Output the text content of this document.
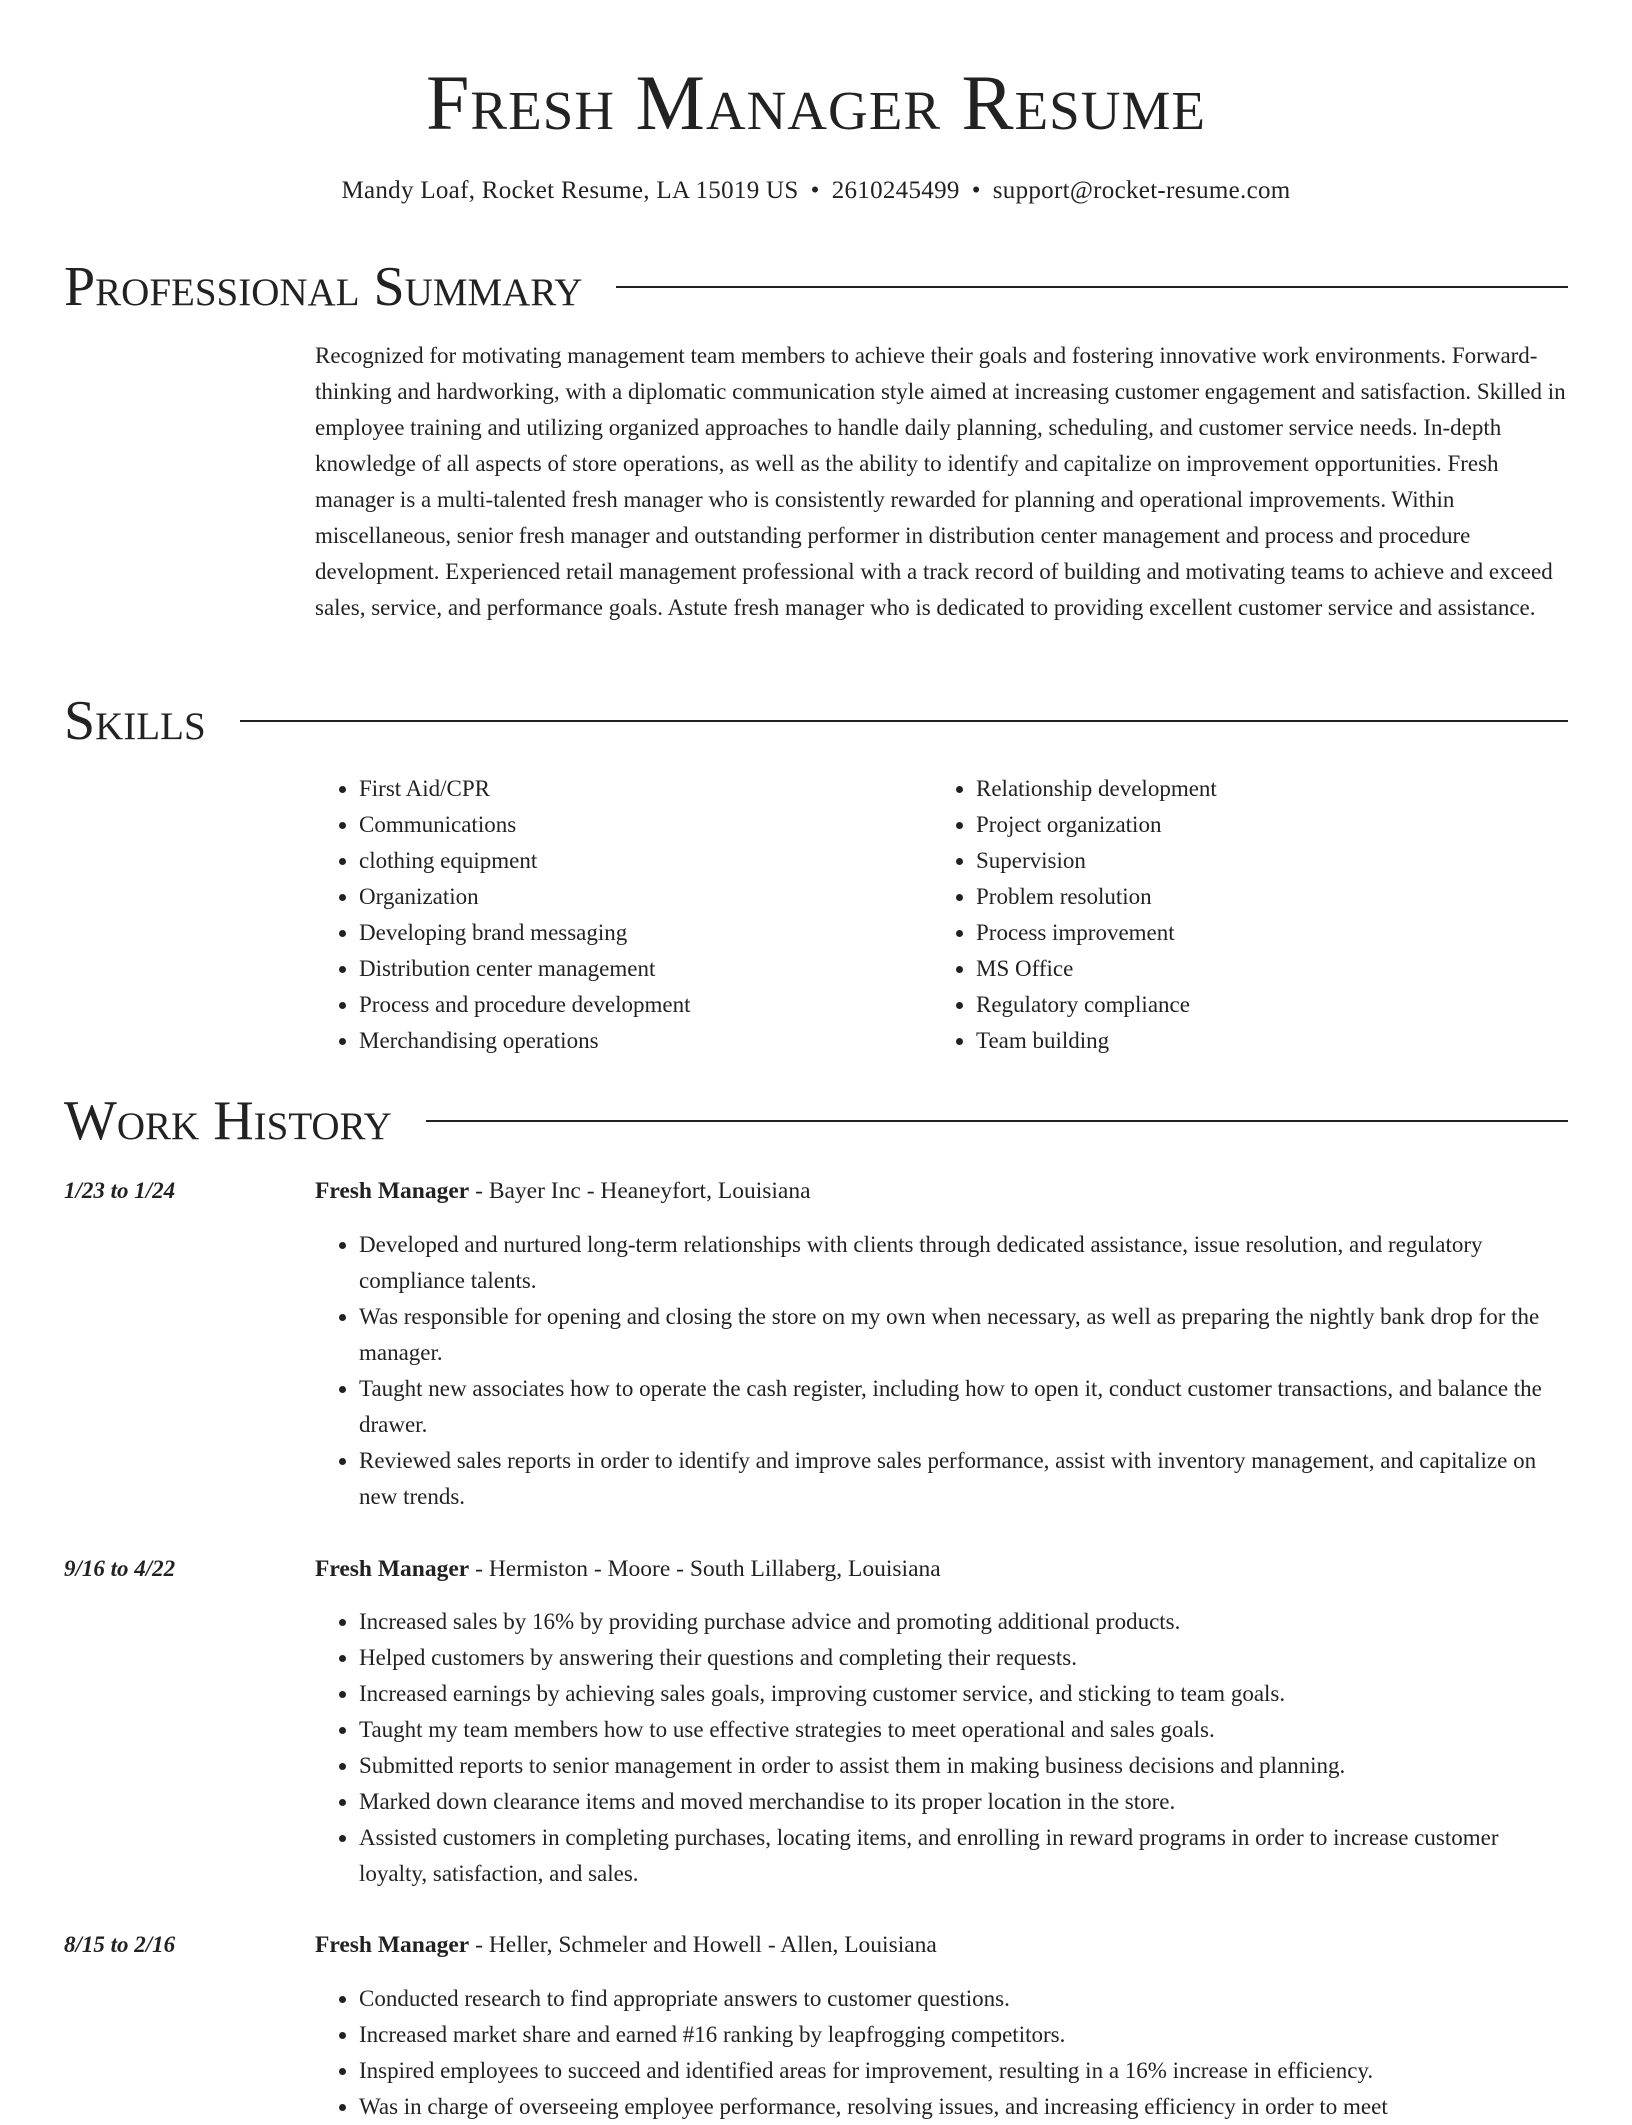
Fresh Manager Resume
Mandy Loaf, Rocket Resume, LA 15019 US • 2610245499 • support@rocket-resume.com
Professional Summary

Recognized for motivating management team members to achieve their goals and fostering innovative work environments. Forward-thinking and hardworking, with a diplomatic communication style aimed at increasing customer engagement and satisfaction. Skilled in employee training and utilizing organized approaches to handle daily planning, scheduling, and customer service needs. In-depth knowledge of all aspects of store operations, as well as the ability to identify and capitalize on improvement opportunities. Fresh manager is a multi-talented fresh manager who is consistently rewarded for planning and operational improvements. Within miscellaneous, senior fresh manager and outstanding performer in distribution center management and process and procedure development. Experienced retail management professional with a track record of building and motivating teams to achieve and exceed sales, service, and performance goals. Astute fresh manager who is dedicated to providing excellent customer service and assistance.

Skills
• First Aid/CPR
• Communications
• clothing equipment
• Organization
• Developing brand messaging
• Distribution center management
• Process and procedure development
• Merchandising operations
• Relationship development
• Project organization
• Supervision
• Problem resolution
• Process improvement
• MS Office
• Regulatory compliance
• Team building
Work History
1/23 to 1/24	Fresh Manager - Bayer Inc - Heaneyfort, Louisiana
• Developed and nurtured long-term relationships with clients through dedicated assistance, issue resolution, and regulatory compliance talents.
• Was responsible for opening and closing the store on my own when necessary, as well as preparing the nightly bank drop for the manager.
• Taught new associates how to operate the cash register, including how to open it, conduct customer transactions, and balance the drawer.
• Reviewed sales reports in order to identify and improve sales performance, assist with inventory management, and capitalize on new trends.
9/16 to 4/22	Fresh Manager - Hermiston - Moore - South Lillaberg, Louisiana
• Increased sales by 16% by providing purchase advice and promoting additional products.
• Helped customers by answering their questions and completing their requests.
• Increased earnings by achieving sales goals, improving customer service, and sticking to team goals.
• Taught my team members how to use effective strategies to meet operational and sales goals.
• Submitted reports to senior management in order to assist them in making business decisions and planning.
• Marked down clearance items and moved merchandise to its proper location in the store.
• Assisted customers in completing purchases, locating items, and enrolling in reward programs in order to increase customer loyalty, satisfaction, and sales.
8/15 to 2/16	Fresh Manager - Heller, Schmeler and Howell - Allen, Louisiana
• Conducted research to find appropriate answers to customer questions.
• Increased market share and earned #16 ranking by leapfrogging competitors.
• Inspired employees to succeed and identified areas for improvement, resulting in a 16% increase in efficiency.
• Was in charge of overseeing employee performance, resolving issues, and increasing efficiency in order to meet
